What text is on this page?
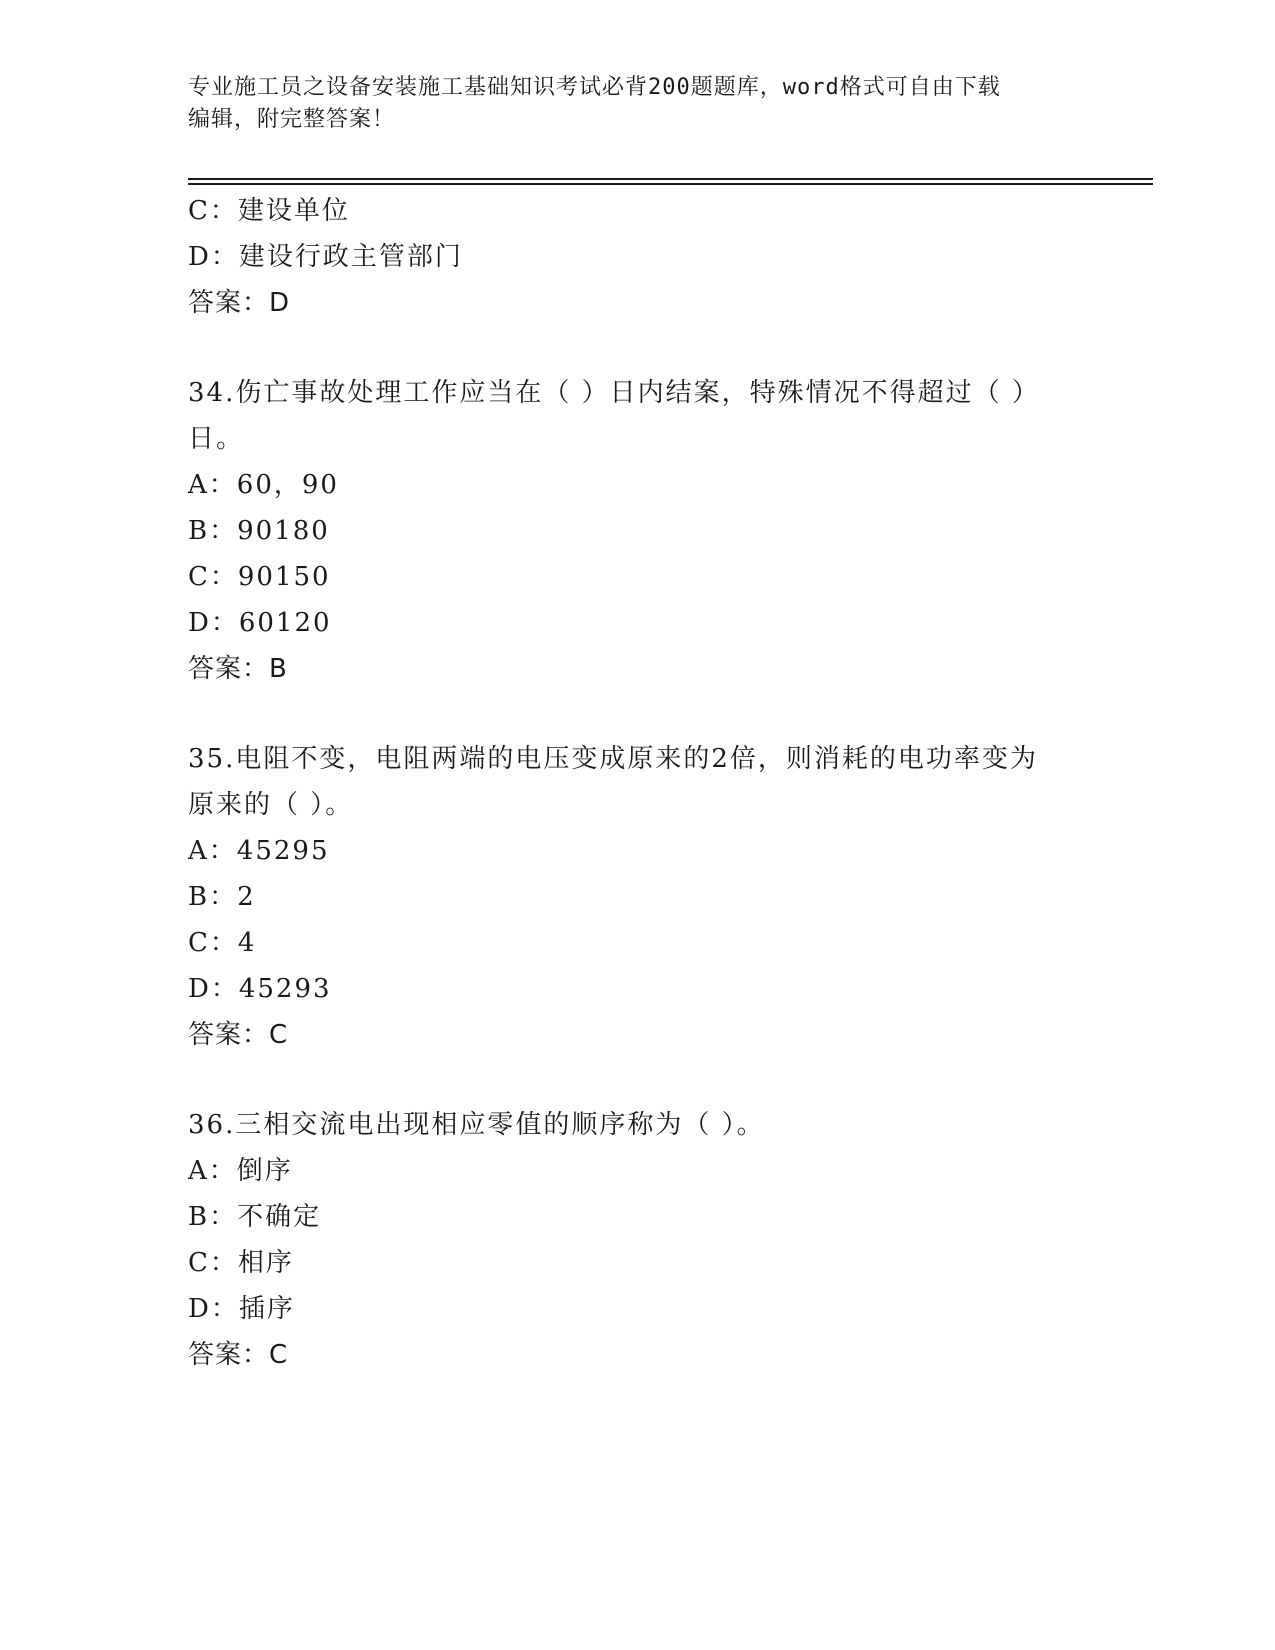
专业施工员之设备安装施工基础知识考试必背200题题库，word格式可自由下载
编辑，附完整答案！
C：建设单位
D：建设行政主管部门
答案：D
34.伤亡事故处理工作应当在（ ）日内结案，特殊情况不得超过（ ）
日。
A：60，90
B：90180
C：90150
D：60120
答案：B
35.电阻不变，电阻两端的电压变成原来的2倍，则消耗的电功率变为
原来的（ ）。
A：45295
B：2
C：4
D：45293
答案：C
36.三相交流电出现相应零值的顺序称为（ ）。
A：倒序
B：不确定
C：相序
D：插序
答案：C
